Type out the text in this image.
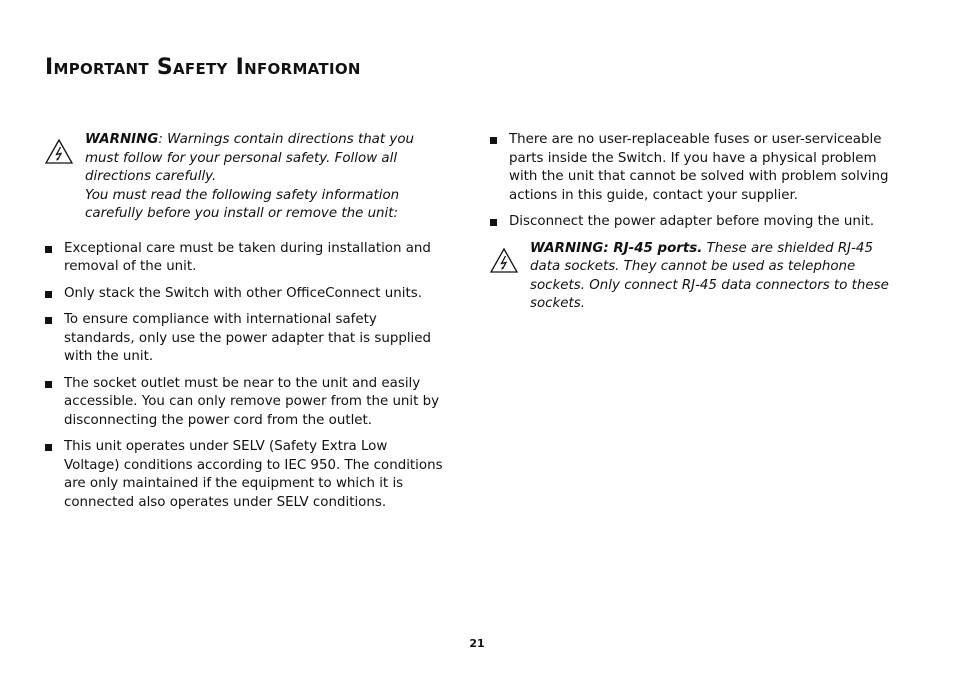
Important Safety Information

WARNING: Warnings contain directions that you must follow for your personal safety. Follow all directions carefully.

You must read the following safety information carefully before you install or remove the unit:

Exceptional care must be taken during installation and removal of the unit.
Only stack the Switch with other OfficeConnect units.
To ensure compliance with international safety standards, only use the power adapter that is supplied with the unit.
The socket outlet must be near to the unit and easily accessible. You can only remove power from the unit by disconnecting the power cord from the outlet.
This unit operates under SELV (Safety Extra Low Voltage) conditions according to IEC 950. The conditions are only maintained if the equipment to which it is connected also operates under SELV conditions.
There are no user-replaceable fuses or user-serviceable parts inside the Switch. If you have a physical problem with the unit that cannot be solved with problem solving actions in this guide, contact your supplier.
Disconnect the power adapter before moving the unit.

WARNING: RJ-45 ports. These are shielded RJ-45 data sockets. They cannot be used as telephone sockets. Only connect RJ-45 data connectors to these sockets.

21
